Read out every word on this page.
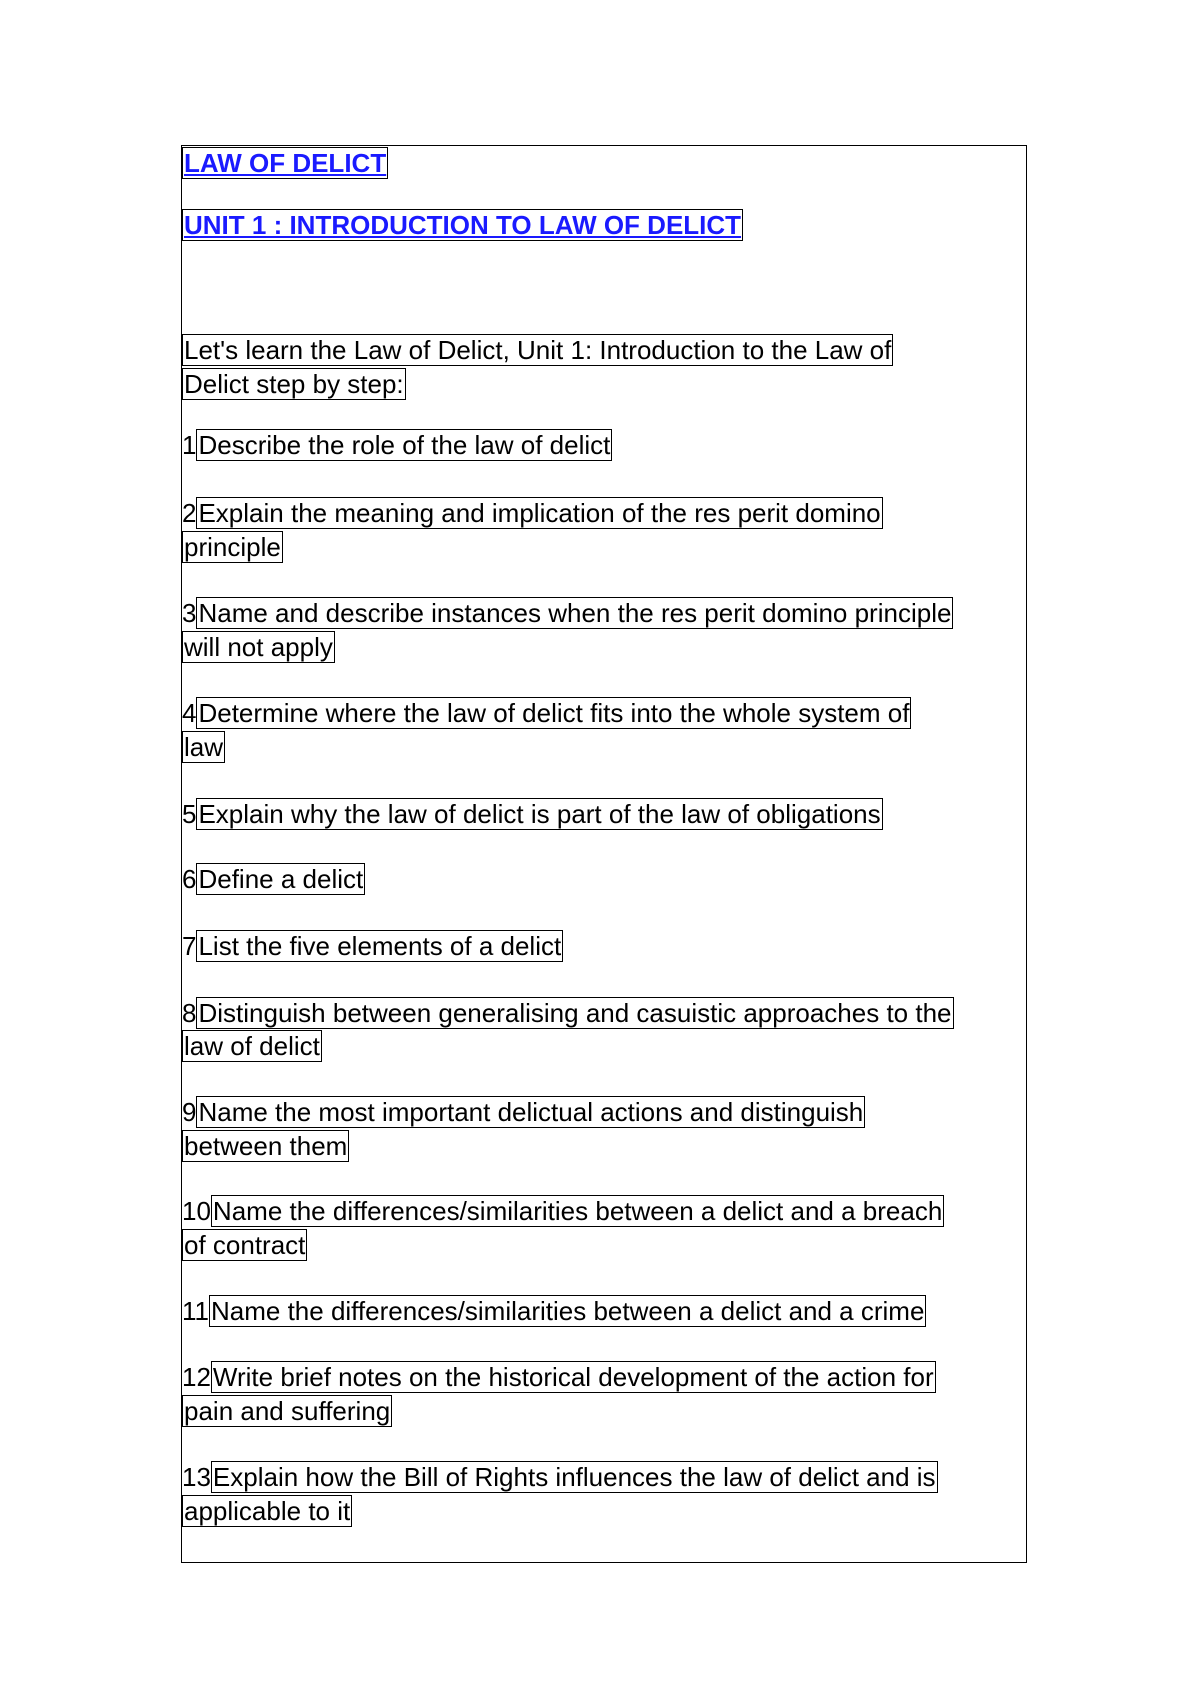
LAW OF DELICT
UNIT 1 : INTRODUCTION TO LAW OF DELICT
Let's learn the Law of Delict, Unit 1: Introduction to the Law of
Delict step by step:
1Describe the role of the law of delict
2Explain the meaning and implication of the res perit domino
principle
3Name and describe instances when the res perit domino principle
will not apply
4Determine where the law of delict fits into the whole system of
law
5Explain why the law of delict is part of the law of obligations
6Define a delict
7List the five elements of a delict
8Distinguish between generalising and casuistic approaches to the
law of delict
9Name the most important delictual actions and distinguish
between them
10Name the differences/similarities between a delict and a breach
of contract
11Name the differences/similarities between a delict and a crime
12Write brief notes on the historical development of the action for
pain and suffering
13Explain how the Bill of Rights influences the law of delict and is
applicable to it
